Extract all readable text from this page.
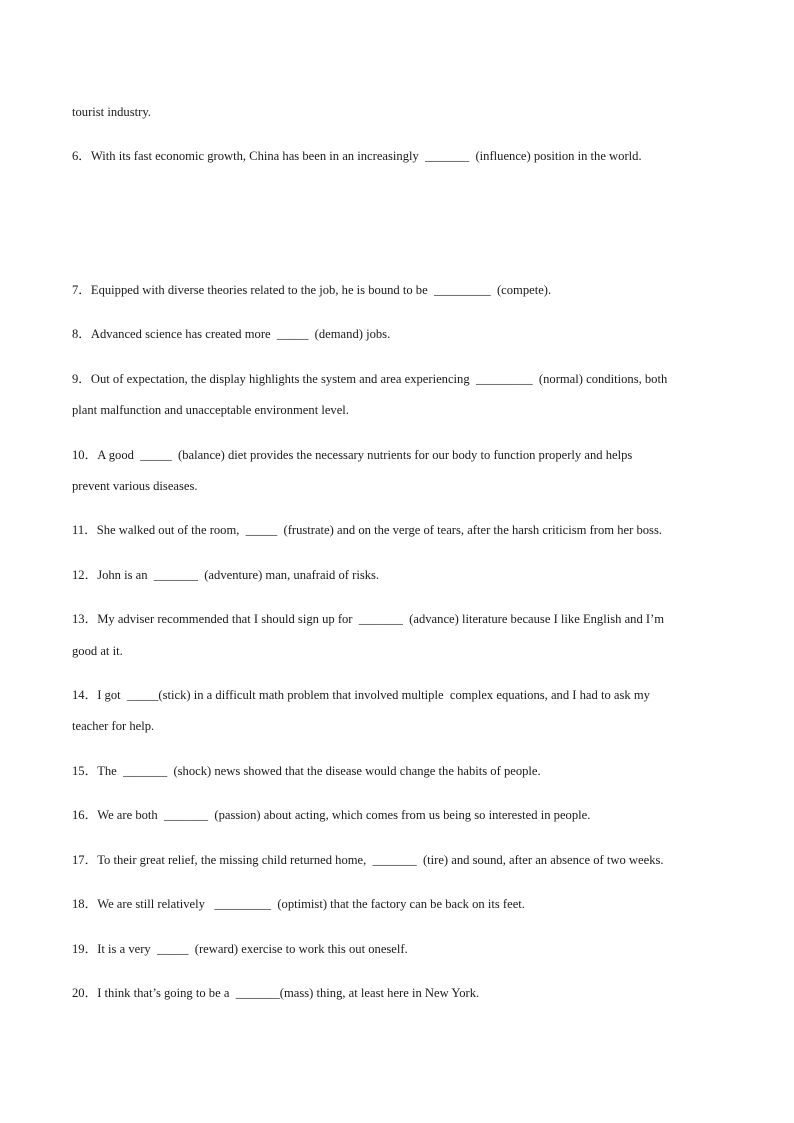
tourist industry.
6．With its fast economic growth, China has been in an increasingly  _______  (influence) position in the world.
7．Equipped with diverse theories related to the job, he is bound to be  _________  (compete).
8．Advanced science has created more  _____  (demand) jobs.
9．Out of expectation, the display highlights the system and area experiencing  _________  (normal) conditions, both
plant malfunction and unacceptable environment level.
10．A good  _____  (balance) diet provides the necessary nutrients for our body to function properly and helps
prevent various diseases.
11．She walked out of the room,  _____  (frustrate) and on the verge of tears, after the harsh criticism from her boss.
12．John is an  _______  (adventure) man, unafraid of risks.
13．My adviser recommended that I should sign up for  _______  (advance) literature because I like English and I’m
good at it.
14．I got  _____(stick) in a difficult math problem that involved multiple  complex equations, and I had to ask my
teacher for help.
15．The  _______  (shock) news showed that the disease would change the habits of people.
16．We are both  _______  (passion) about acting, which comes from us being so interested in people.
17．To their great relief, the missing child returned home,  _______  (tire) and sound, after an absence of two weeks.
18．We are still relatively   _________  (optimist) that the factory can be back on its feet.
19．It is a very  _____  (reward) exercise to work this out oneself.
20．I think that’s going to be a  _______(mass) thing, at least here in New York.
